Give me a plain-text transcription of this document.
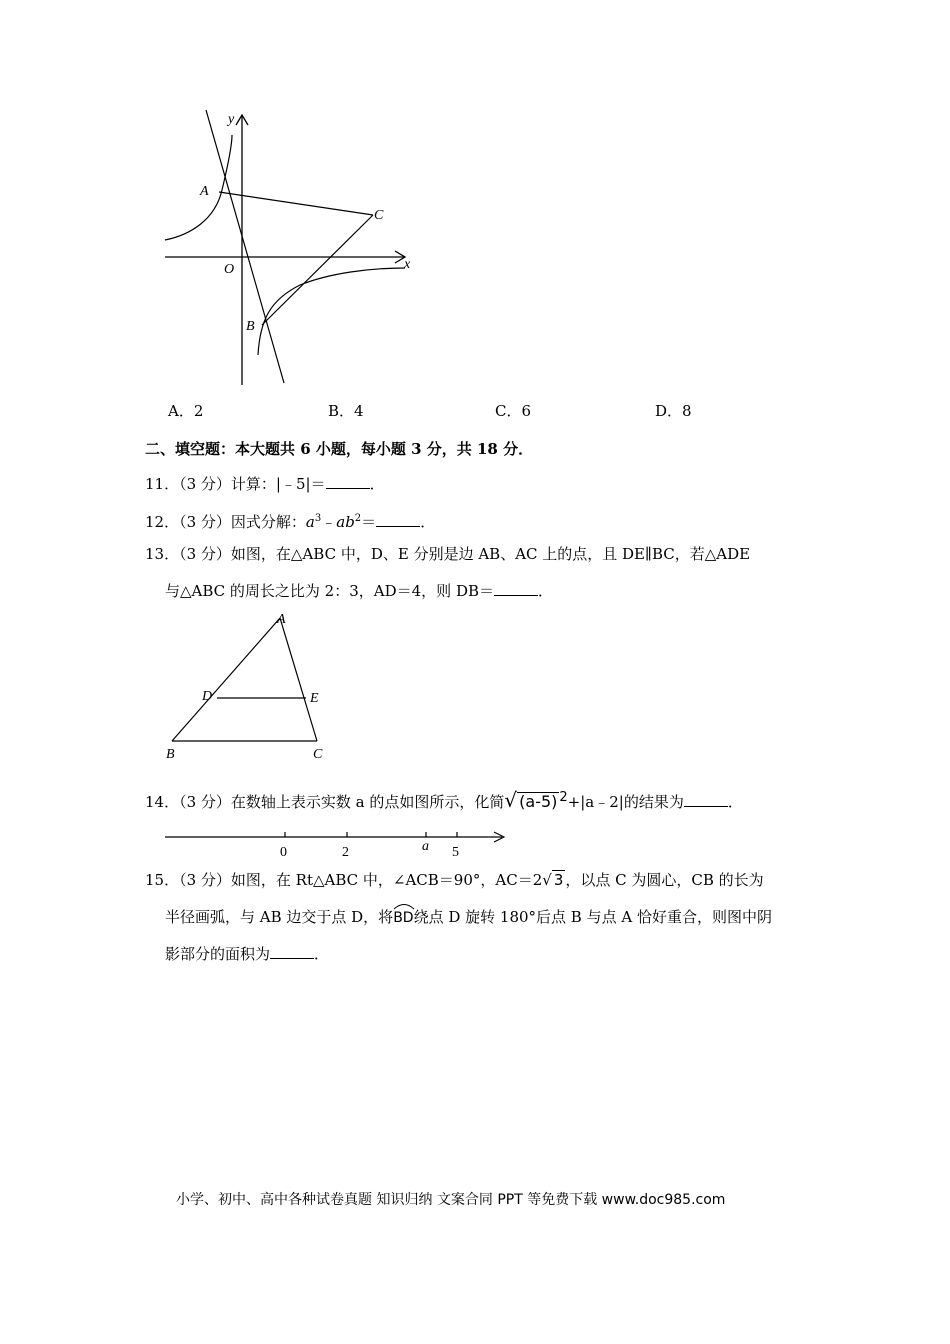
y
x
O
A
B
C
A．2	B．4	C．6	D．8
二、填空题：本大题共 6 小题，每小题 3 分，共 18 分．
11．（3 分）计算：|﹣5|＝	．
12．（3 分）因式分解：$a^3﹣ab^2=$	．
13．（3 分）如图，在△ABC 中，D、E 分别是边 AB、AC 上的点，且 DE∥BC，若△ADE
与△ABC 的周长之比为 2：3，AD＝4，则 DB＝	．
A
B	C
D	E
14．（3 分）在数轴上表示实数 a 的点如图所示，化简√ (a-5) $^2$+|a﹣2|的结果为	．
0	2	a 5
15．（3 分）如图，在 Rt△ABC 中，∠ACB＝90°，AC＝2√ 3 ，以点 C 为圆心，CB 的长为
半径画弧，与 AB 边交于点 D，将
BD绕点 D 旋转 180°后点 B 与点 A 恰好重合，则图中阴
影部分的面积为	．
小学、初中、高中各种试卷真题 知识归纳 文案合同 PPT 等免费下载 www.doc985.com
